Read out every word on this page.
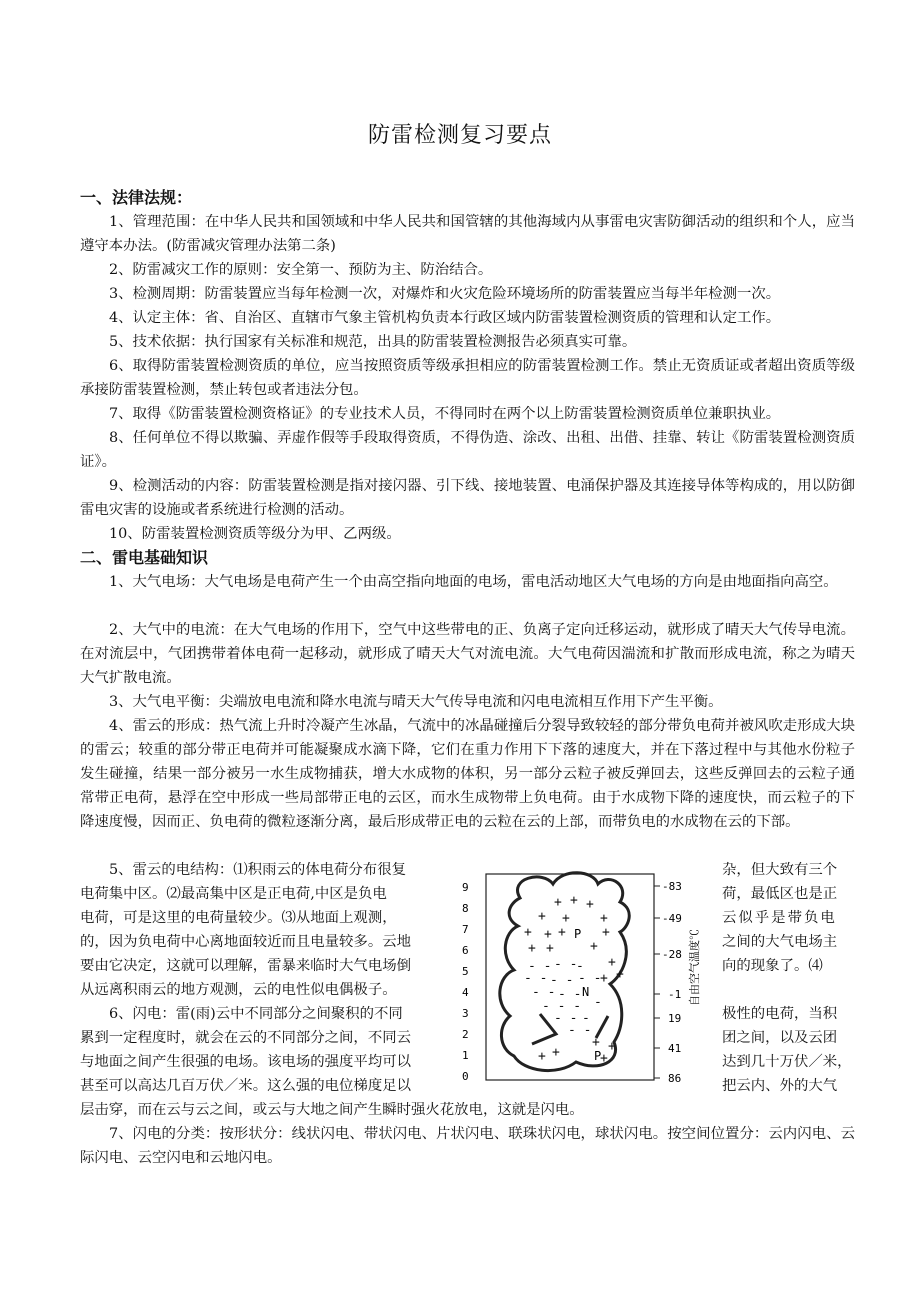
防雷检测复习要点
一、法律法规：

1、管理范围：在中华人民共和国领域和中华人民共和国管辖的其他海域内从事雷电灾害防御活动的组织和个人，应当遵守本办法。(防雷减灾管理办法第二条)

2、防雷减灾工作的原则：安全第一、预防为主、防治结合。

3、检测周期：防雷装置应当每年检测一次，对爆炸和火灾危险环境场所的防雷装置应当每半年检测一次。

4、认定主体：省、自治区、直辖市气象主管机构负责本行政区域内防雷装置检测资质的管理和认定工作。

5、技术依据：执行国家有关标准和规范，出具的防雷装置检测报告必须真实可靠。

6、取得防雷装置检测资质的单位，应当按照资质等级承担相应的防雷装置检测工作。禁止无资质证或者超出资质等级承接防雷装置检测，禁止转包或者违法分包。

7、取得《防雷装置检测资格证》的专业技术人员，不得同时在两个以上防雷装置检测资质单位兼职执业。

8、任何单位不得以欺骗、弄虚作假等手段取得资质，不得伪造、涂改、出租、出借、挂靠、转让《防雷装置检测资质证》。

9、检测活动的内容：防雷装置检测是指对接闪器、引下线、接地装置、电涌保护器及其连接导体等构成的，用以防御雷电灾害的设施或者系统进行检测的活动。

10、防雷装置检测资质等级分为甲、乙两级。

二、雷电基础知识

1、大气电场：大气电场是电荷产生一个由高空指向地面的电场，雷电活动地区大气电场的方向是由地面指向高空。

2、大气中的电流：在大气电场的作用下，空气中这些带电的正、负离子定向迁移运动，就形成了晴天大气传导电流。在对流层中，气团携带着体电荷一起移动，就形成了晴天大气对流电流。大气电荷因湍流和扩散而形成电流，称之为晴天大气扩散电流。

3、大气电平衡：尖端放电电流和降水电流与晴天大气传导电流和闪电电流相互作用下产生平衡。

4、雷云的形成：热气流上升时冷凝产生冰晶，气流中的冰晶碰撞后分裂导致较轻的部分带负电荷并被风吹走形成大块的雷云；较重的部分带正电荷并可能凝聚成水滴下降，它们在重力作用下下落的速度大，并在下落过程中与其他水份粒子发生碰撞，结果一部分被另一水生成物捕获，增大水成物的体积，另一部分云粒子被反弹回去，这些反弹回去的云粒子通常带正电荷，悬浮在空中形成一些局部带正电的云区，而水生成物带上负电荷。由于水成物下降的速度快，而云粒子的下降速度慢，因而正、负电荷的微粒逐渐分离，最后形成带正电的云粒在云的上部，而带负电的水成物在云的下部。

5、雷云的电结构：⑴积雨云的体电荷分布很复

电荷集中区。⑵最高集中区是正电荷,中区是负电

电荷，可是这里的电荷量较少。⑶从地面上观测，

的，因为负电荷中心离地面较近而且电量较多。云地

要由它决定，这就可以理解，雷暴来临时大气电场倒

从远离积雨云的地方观测，云的电性似电偶极子。

杂，但大致有三个

荷，最低区也是正

云似乎是带负电

之间的大气电场主

向的现象了。⑷

6、闪电：雷(雨)云中不同部分之间聚积的不同

累到一定程度时，就会在云的不同部分之间，不同云

与地面之间产生很强的电场。该电场的强度平均可以

甚至可以高达几百万伏／米。这么强的电位梯度足以

极性的电荷，当积

团之间，以及云团

达到几十万伏／米，

把云内、外的大气

层击穿，而在云与云之间，或云与大地之间产生瞬时强火花放电，这就是闪电。

7、闪电的分类：按形状分：线状闪电、带状闪电、片状闪电、联珠状闪电，球状闪电。按空间位置分：云内闪电、云际闪电、云空闪电和云地闪电。

9
8
7
6
5
4
3
2
1
0
-83
-49
-28
-1
19
41
86
自由空气温度℃
+ + +
+ + +
+ + +	+
+ +	+
+
+
+
P
- - - -
-
- - - - - -
- - - -
- - - -
- - -
- -
N
+ +
+ +
+
P
